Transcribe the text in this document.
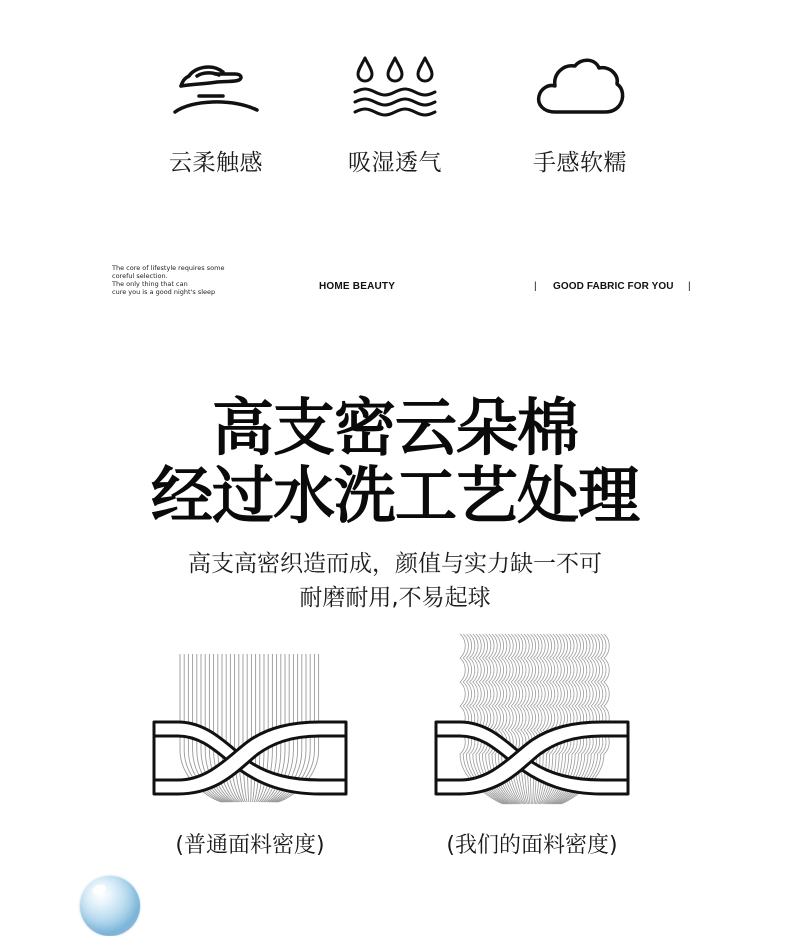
云柔触感	吸湿透气	手感软糯
The core of lifestyle requires some
coreful selection.
The only thing that can
cure you is a good night's sleep	HOME BEAUTY	| GOOD FABRIC FOR YOU |
高支密云朵棉
经过水洗工艺处理
高支高密织造而成，颜值与实力缺一不可
耐磨耐用,不易起球
(普通面料密度)	(我们的面料密度)
